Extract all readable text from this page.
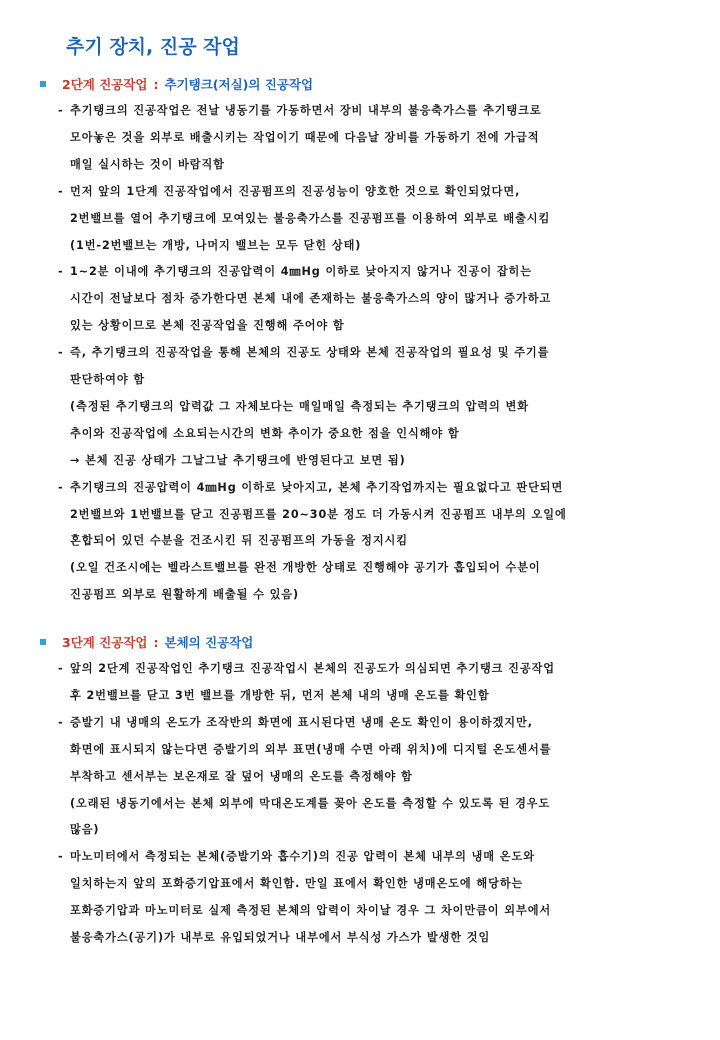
추기 장치, 진공 작업
2단계 진공작업 : 추기탱크(저실)의 진공작업
- 추기탱크의 진공작업은 전날 냉동기를 가동하면서 장비 내부의 불응축가스를 추기탱크로
모아놓은 것을 외부로 배출시키는 작업이기 때문에 다음날 장비를 가동하기 전에 가급적
매일 실시하는 것이 바람직함
- 먼저 앞의 1단계 진공작업에서 진공펌프의 진공성능이 양호한 것으로 확인되었다면,
2번밸브를 열어 추기탱크에 모여있는 불응축가스를 진공펌프를 이용하여 외부로 배출시킴
(1번-2번밸브는 개방, 나머지 밸브는 모두 닫힌 상태)
- 1~2분 이내에 추기탱크의 진공압력이 4㎜Hg 이하로 낮아지지 않거나 진공이 잡히는
시간이 전날보다 점차 증가한다면 본체 내에 존재하는 불응축가스의 양이 많거나 증가하고
있는 상황이므로 본체 진공작업을 진행해 주어야 함
- 즉, 추기탱크의 진공작업을 통해 본체의 진공도 상태와 본체 진공작업의 필요성 및 주기를
판단하여야 함
(측정된 추기탱크의 압력값 그 자체보다는 매일매일 측정되는 추기탱크의 압력의 변화
추이와 진공작업에 소요되는시간의 변화 추이가 중요한 점을 인식해야 함
→ 본체 진공 상태가 그날그날 추기탱크에 반영된다고 보면 됨)
- 추기탱크의 진공압력이 4㎜Hg 이하로 낮아지고, 본체 추기작업까지는 필요없다고 판단되면
2번밸브와 1번밸브를 닫고 진공펌프를 20~30분 정도 더 가동시켜 진공펌프 내부의 오일에
혼합되어 있던 수분을 건조시킨 뒤 진공펌프의 가동을 정지시킴
(오일 건조시에는 벨라스트밸브를 완전 개방한 상태로 진행해야 공기가 흡입되어 수분이
진공펌프 외부로 원활하게 배출될 수 있음)
3단계 진공작업 : 본체의 진공작업
- 앞의 2단계 진공작업인 추기탱크 진공작업시 본체의 진공도가 의심되면 추기탱크 진공작업
후 2번밸브를 닫고 3번 밸브를 개방한 뒤, 먼저 본체 내의 냉매 온도를 확인함
- 증발기 내 냉매의 온도가 조작반의 화면에 표시된다면 냉매 온도 확인이 용이하겠지만,
화면에 표시되지 않는다면 증발기의 외부 표면(냉매 수면 아래 위치)에 디지털 온도센서를
부착하고 센서부는 보온재로 잘 덮어 냉매의 온도를 측정해야 함
(오래된 냉동기에서는 본체 외부에 막대온도계를 꽂아 온도를 측정할 수 있도록 된 경우도
많음)
- 마노미터에서 측정되는 본체(증발기와 흡수기)의 진공 압력이 본체 내부의 냉매 온도와
일치하는지 앞의 포화증기압표에서 확인함. 만일 표에서 확인한 냉매온도에 해당하는
포화증기압과 마노미터로 실제 측정된 본체의 압력이 차이날 경우 그 차이만큼이 외부에서
불응축가스(공기)가 내부로 유입되었거나 내부에서 부식성 가스가 발생한 것임
